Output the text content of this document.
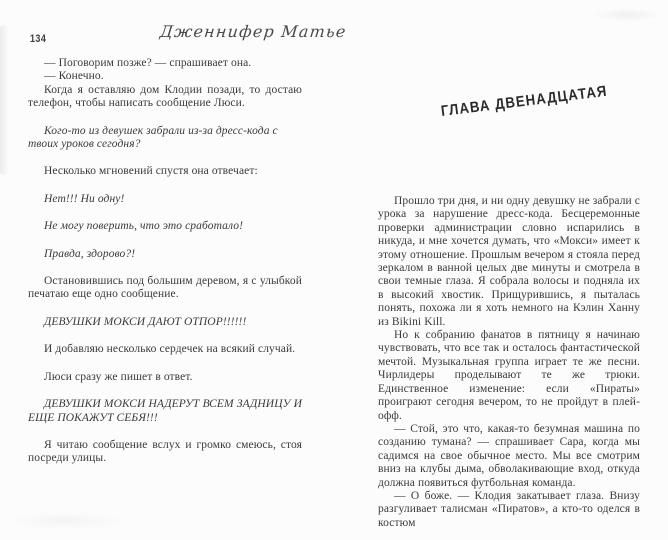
134	Дженнифер Матье

— Поговорим позже? — спрашивает она.

— Конечно.

Когда я оставляю дом Клодии позади, то достаю телефон, чтобы написать сообщение Люси.

Кого-то из девушек забрали из-за дресс-кода с твоих уроков сегодня?

Несколько мгновений спустя она отвечает:

Нет!!! Ни одну!

Не могу поверить, что это сработало!

Правда, здорово?!

Остановившись под большим деревом, я с улыбкой печатаю еще одно сообщение.

ДЕВУШКИ МОКСИ ДАЮТ ОТПОР!!!!!!

И добавляю несколько сердечек на всякий случай.

Люси сразу же пишет в ответ.

ДЕВУШКИ МОКСИ НАДЕРУТ ВСЕМ ЗАДНИЦУ И ЕЩЕ ПОКАЖУТ СЕБЯ!!!

Я читаю сообщение вслух и громко смеюсь, стоя посреди улицы.

ГЛАВА ДВЕНАДЦАТАЯ

Прошло три дня, и ни одну девушку не забрали с урока за нарушение дресс-кода. Бесцеремонные проверки администрации словно испарились в никуда, и мне хочется думать, что «Мокси» имеет к этому отношение. Прошлым вечером я стояла перед зеркалом в ванной целых две минуты и смотрела в свои темные глаза. Я собрала волосы и подняла их в высокий хвостик. Прищурившись, я пыталась понять, похожа ли я хоть немного на Кэлин Ханну из Bikini Kill.

Но к собранию фанатов в пятницу я начинаю чувствовать, что все так и осталось фантастической мечтой. Музыкальная группа играет те же песни. Чирлидеры проделывают те же трюки. Единственное изменение: если «Пираты» проиграют сегодня вечером, то не пройдут в плей-офф.

— Стой, это что, какая-то безумная машина по созданию тумана? — спрашивает Сара, когда мы садимся на свое обычное место. Мы все смотрим вниз на клубы дыма, обволакивающие вход, откуда должна появиться футбольная команда.

— О боже. — Клодия закатывает глаза. Внизу разгуливает талисман «Пиратов», а кто-то оделся в костюм
